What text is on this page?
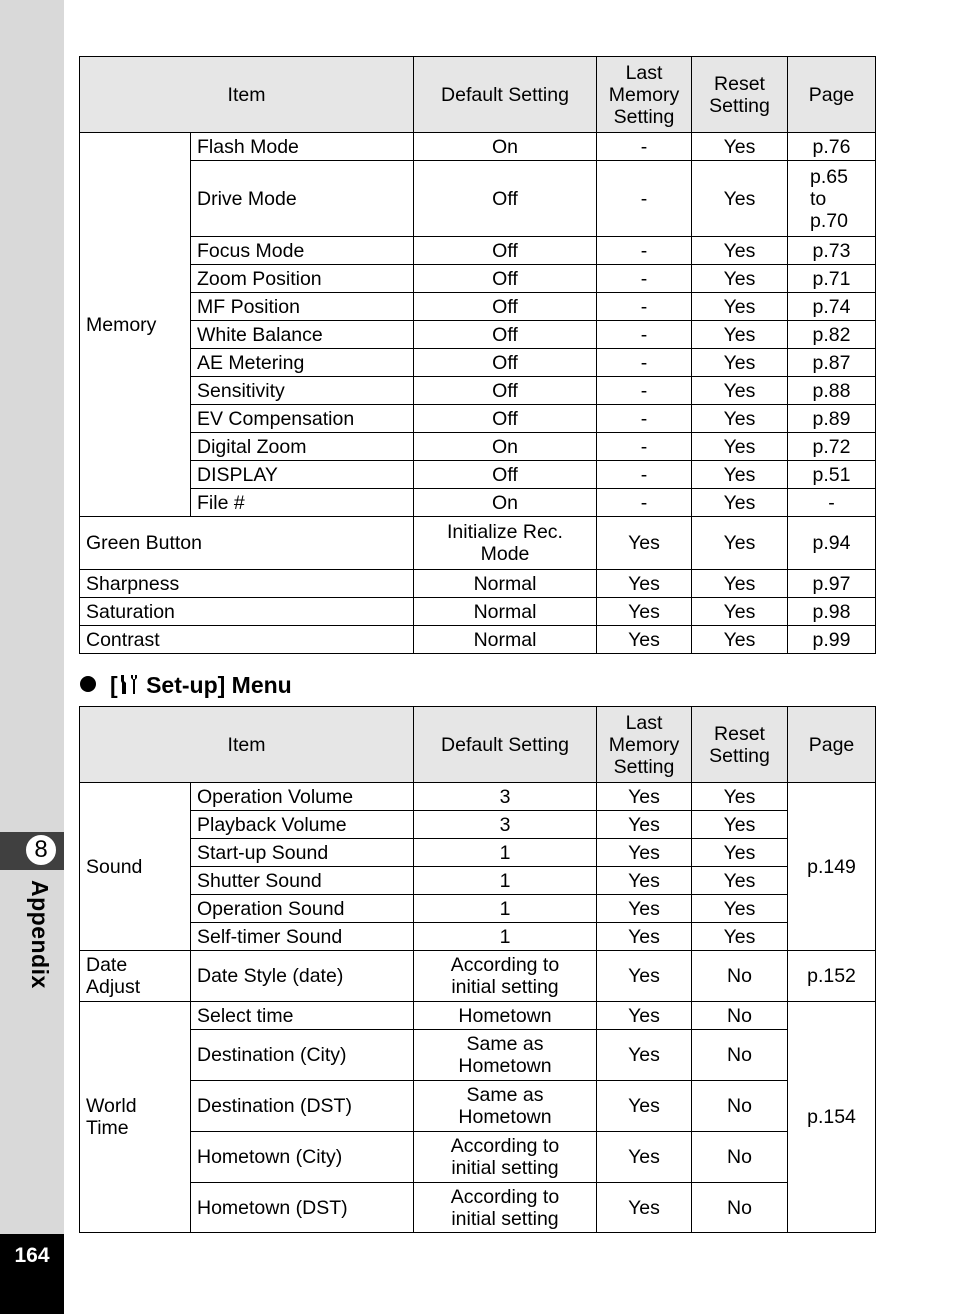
8
Appendix
164
Item		Default Setting	Last Memory Setting	Reset Setting	Page
Memory	Flash Mode	On	-	Yes	p.76
	Drive Mode	Off	-	Yes	p.65 to p.70
	Focus Mode	Off	-	Yes	p.73
	Zoom Position	Off	-	Yes	p.71
	MF Position	Off	-	Yes	p.74
	White Balance	Off	-	Yes	p.82
	AE Metering	Off	-	Yes	p.87
	Sensitivity	Off	-	Yes	p.88
	EV Compensation	Off	-	Yes	p.89
	Digital Zoom	On	-	Yes	p.72
	DISPLAY	Off	-	Yes	p.51
	File #	On	-	Yes	-
Green Button		Initialize Rec. Mode	Yes	Yes	p.94
Sharpness		Normal	Yes	Yes	p.97
Saturation		Normal	Yes	Yes	p.98
Contrast		Normal	Yes	Yes	p.99
[ Set-up] Menu
Item		Default Setting	Last Memory Setting	Reset Setting	Page
Sound	Operation Volume	3	Yes	Yes	p.149
	Playback Volume	3	Yes	Yes	
	Start-up Sound	1	Yes	Yes	
	Shutter Sound	1	Yes	Yes	
	Operation Sound	1	Yes	Yes	
	Self-timer Sound	1	Yes	Yes	
Date Adjust	Date Style (date)	According to initial setting	Yes	No	p.152
World Time	Select time	Hometown	Yes	No	p.154
	Destination (City)	Same as Hometown	Yes	No	
	Destination (DST)	Same as Hometown	Yes	No	
	Hometown (City)	According to initial setting	Yes	No	
	Hometown (DST)	According to initial setting	Yes	No	
